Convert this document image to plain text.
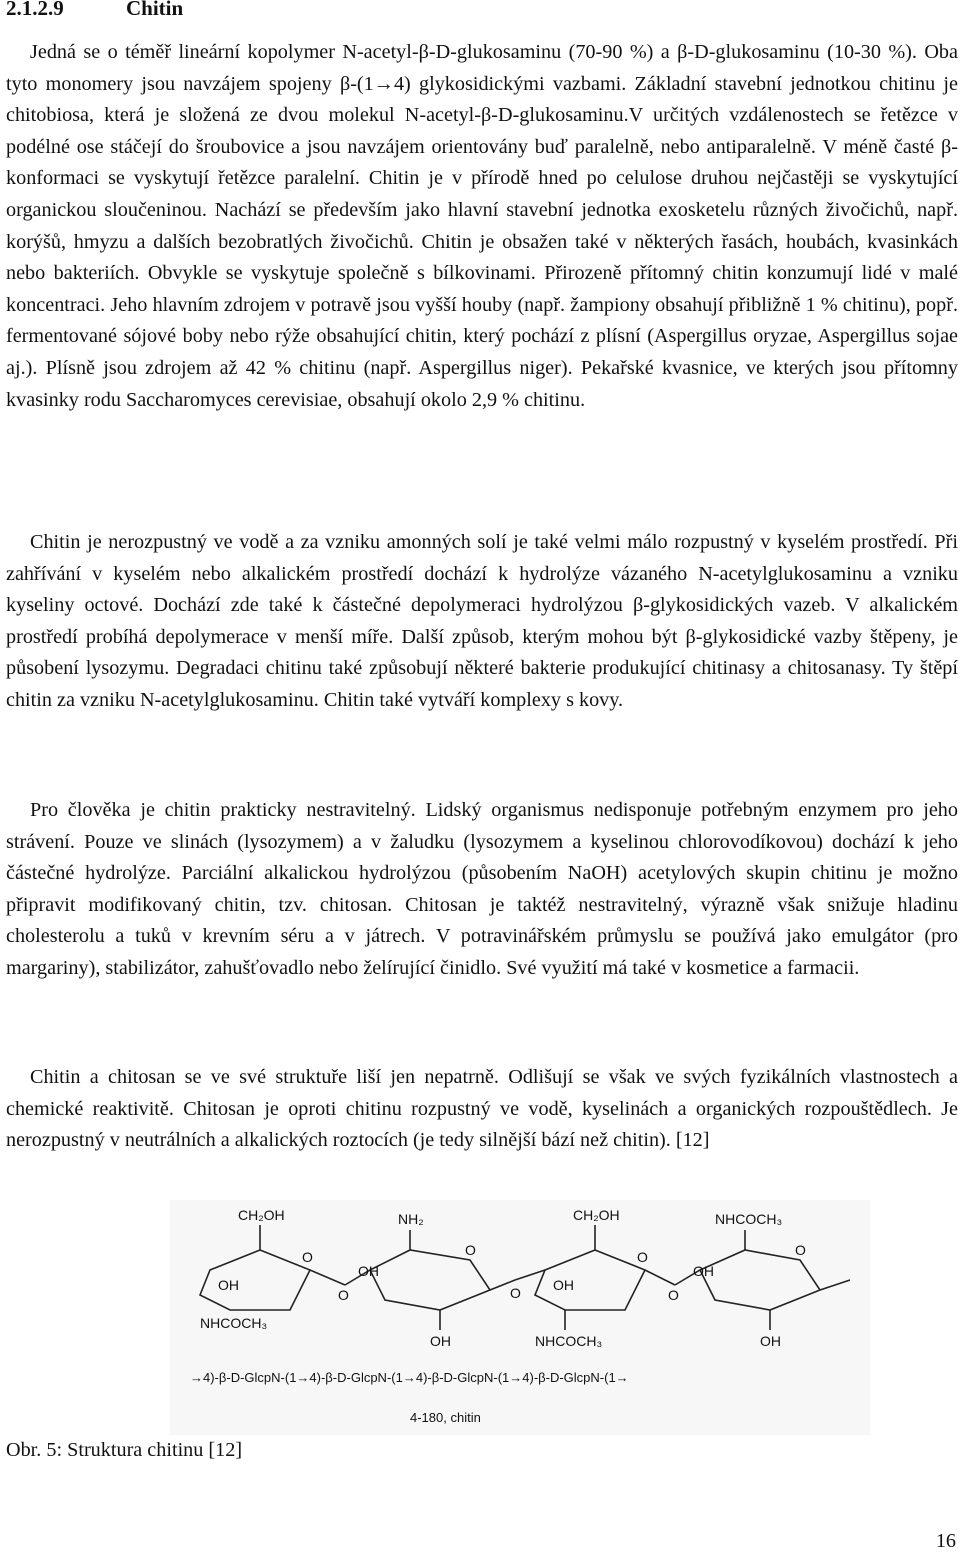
2.1.2.9	Chitin

Jedná se o téměř lineární kopolymer N-acetyl-β-D-glukosaminu (70-90 %) a β-D-glukosaminu (10-30 %). Oba tyto monomery jsou navzájem spojeny β-(1→4) glykosidickými vazbami. Základní stavební jednotkou chitinu je chitobiosa, která je složená ze dvou molekul N-acetyl-β-D-glukosaminu.V určitých vzdálenostech se řetězce v podélné ose stáčejí do šroubovice a jsou navzájem orientovány buď paralelně, nebo antiparalelně. V méně časté β-konformaci se vyskytují řetězce paralelní. Chitin je v přírodě hned po celulose druhou nejčastěji se vyskytující organickou sloučeninou. Nachází se především jako hlavní stavební jednotka exosketelu různých živočichů, např. korýšů, hmyzu a dalších bezobratlých živočichů. Chitin je obsažen také v některých řasách, houbách, kvasinkách nebo bakteriích. Obvykle se vyskytuje společně s bílkovinami. Přirozeně přítomný chitin konzumují lidé v malé koncentraci. Jeho hlavním zdrojem v potravě jsou vyšší houby (např. žampiony obsahují přibližně 1 % chitinu), popř. fermentované sójové boby nebo rýže obsahující chitin, který pochází z plísní (Aspergillus oryzae, Aspergillus sojae aj.). Plísně jsou zdrojem až 42 % chitinu (např. Aspergillus niger). Pekařské kvasnice, ve kterých jsou přítomny kvasinky rodu Saccharomyces cerevisiae, obsahují okolo 2,9 % chitinu.

Chitin je nerozpustný ve vodě a za vzniku amonných solí je také velmi málo rozpustný v kyselém prostředí. Při zahřívání v kyselém nebo alkalickém prostředí dochází k hydrolýze vázaného N-acetylglukosaminu a vzniku kyseliny octové. Dochází zde také k částečné depolymeraci hydrolýzou β-glykosidických vazeb. V alkalickém prostředí probíhá depolymerace v menší míře. Další způsob, kterým mohou být β-glykosidické vazby štěpeny, je působení lysozymu. Degradaci chitinu také způsobují některé bakterie produkující chitinasy a chitosanasy. Ty štěpí chitin za vzniku N-acetylglukosaminu. Chitin také vytváří komplexy s kovy.

Pro člověka je chitin prakticky nestravitelný. Lidský organismus nedisponuje potřebným enzymem pro jeho strávení. Pouze ve slinách (lysozymem) a v žaludku (lysozymem a kyselinou chlorovodíkovou) dochází k jeho částečné hydrolýze. Parciální alkalickou hydrolýzou (působením NaOH) acetylových skupin chitinu je možno připravit modifikovaný chitin, tzv. chitosan. Chitosan je taktéž nestravitelný, výrazně však snižuje hladinu cholesterolu a tuků v krevním séru a v játrech. V potravinářském průmyslu se používá jako emulgátor (pro margariny), stabilizátor, zahušťovadlo nebo želírující činidlo. Své využití má také v kosmetice a farmacii.

Chitin a chitosan se ve své struktuře liší jen nepatrně. Odlišují se však ve svých fyzikálních vlastnostech a chemické reaktivitě. Chitosan je oproti chitinu rozpustný ve vodě, kyselinách a organických rozpouštědlech. Je nerozpustný v neutrálních a alkalických roztocích (je tedy silnější bází než chitin). [12]

O	O	O	O
O	O	O
CH₂OH	NH₂	CH₂OH	NHCOCH₃
OH
OH
OH
OH
NHCOCH₃
OH	NHCOCH₃	OH
→4)-β-D-GlcpN-(1→4)-β-D-GlcpN-(1→4)-β-D-GlcpN-(1→4)-β-D-GlcpN-(1→
4-180, chitin
Obr. 5: Struktura chitinu [12]
16
